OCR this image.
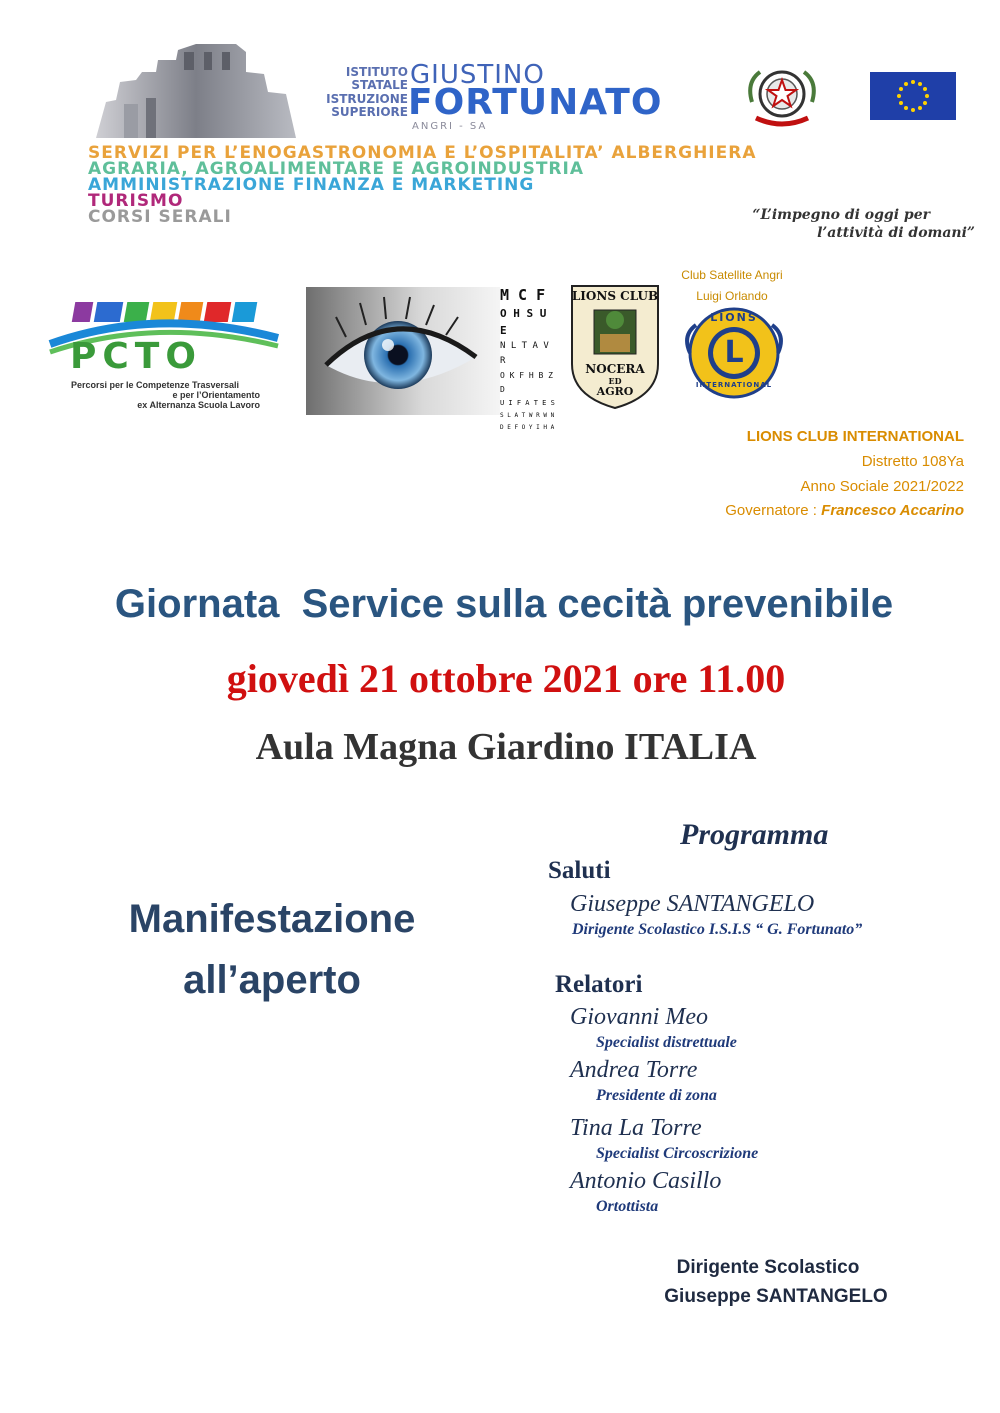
ISTITUTO
STATALE
ISTRUZIONE
SUPERIORE
GIUSTINO
FORTUNATO
ANGRI - SA
SERVIZI PER L’ENOGASTRONOMIA E L’OSPITALITA’ ALBERGHIERA
AGRARIA, AGROALIMENTARE E AGROINDUSTRIA
AMMINISTRAZIONE FINANZA E MARKETING
TURISMO
CORSI SERALI	“L’impegno di oggi per
l’attività di domani”
PCTO
Percorsi per le Competenze Trasversali
e per l’Orientamento
ex Alternanza Scuola Lavoro
M C F
O H S U E
N L T A V R
O K F H B Z D
U I F A T E S
S L A T W R W N
D E F O Y I H A
LIONS CLUB
NOCERA
ED
AGRO
Club Satellite Angri
Luigi Orlando
LIONS
L
INTERNATIONAL
LIONS CLUB INTERNATIONAL
Distretto 108Ya
Anno Sociale 2021/2022
Governatore : Francesco Accarino
Giornata  Service sulla cecità prevenibile
giovedì 21 ottobre 2021 ore 11.00
Aula Magna Giardino ITALIA
Manifestazione
all’aperto
Programma
Saluti
Giuseppe SANTANGELO
Dirigente Scolastico I.S.I.S “ G. Fortunato”
Relatori
Giovanni Meo
Specialist distrettuale
Andrea Torre
Presidente di zona
Tina La Torre
Specialist Circoscrizione
Antonio Casillo
Ortottista
Dirigente Scolastico
Giuseppe SANTANGELO
